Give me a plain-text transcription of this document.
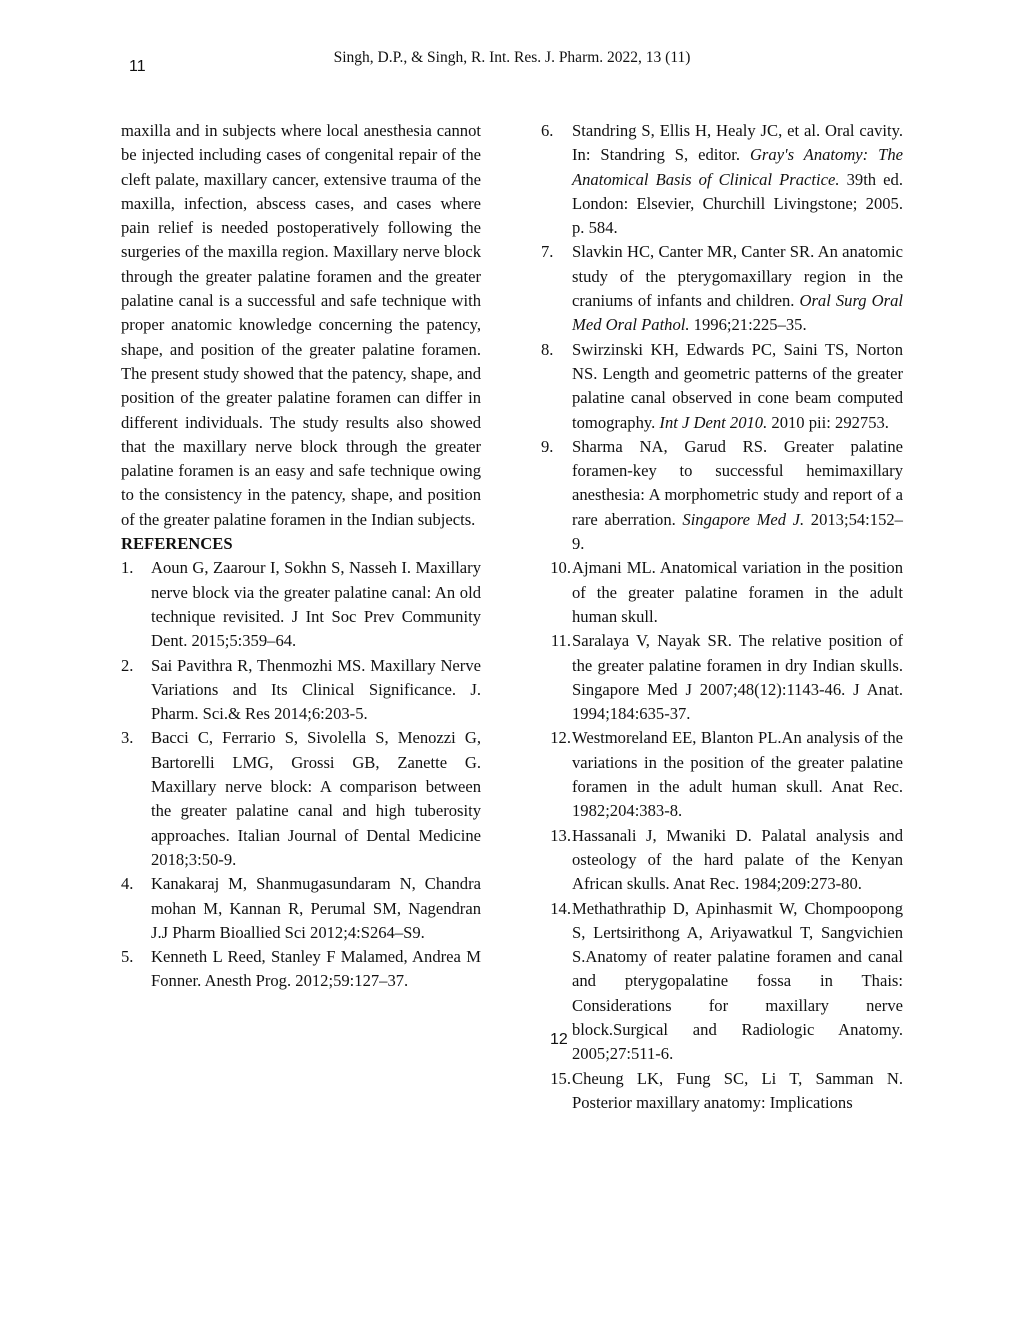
11
Singh, D.P., & Singh, R. Int. Res. J. Pharm. 2022, 13 (11)

maxilla and in subjects where local anesthesia cannot be injected including cases of congenital repair of the cleft palate, maxillary cancer, extensive trauma of the maxilla, infection, abscess cases, and cases where pain relief is needed postoperatively following the surgeries of the maxilla region. Maxillary nerve block through the greater palatine foramen and the greater palatine canal is a successful and safe technique with proper anatomic knowledge concerning the patency, shape, and position of the greater palatine foramen. The present study showed that the patency, shape, and position of the greater palatine foramen can differ in different individuals. The study results also showed that the maxillary nerve block through the greater palatine foramen is an easy and safe technique owing to the consistency in the patency, shape, and position of the greater palatine foramen in the Indian subjects.

REFERENCES
1.	Aoun G, Zaarour I, Sokhn S, Nasseh I. Maxillary nerve block via the greater palatine canal: An old technique revisited. J Int Soc Prev Community Dent. 2015;5:359–64.
2.	Sai Pavithra R, Thenmozhi MS. Maxillary Nerve Variations and Its Clinical Significance. J. Pharm. Sci.& Res 2014;6:203-5.
3.	Bacci C, Ferrario S, Sivolella S, Menozzi G, Bartorelli LMG, Grossi GB, Zanette G. Maxillary nerve block: A comparison between the greater palatine canal and high tuberosity approaches. Italian Journal of Dental Medicine 2018;3:50-9.
4.	Kanakaraj M, Shanmugasundaram N, Chandra mohan M, Kannan R, Perumal SM, Nagendran J.J Pharm Bioallied Sci 2012;4:S264–S9.
5.	Kenneth L Reed, Stanley F Malamed, Andrea M Fonner. Anesth Prog. 2012;59:127–37.
6.	Standring S, Ellis H, Healy JC, et al. Oral cavity. In: Standring S, editor. Gray's Anatomy: The Anatomical Basis of Clinical Practice. 39th ed. London: Elsevier, Churchill Livingstone; 2005. p. 584.
7.	Slavkin HC, Canter MR, Canter SR. An anatomic study of the pterygomaxillary region in the craniums of infants and children. Oral Surg Oral Med Oral Pathol. 1996;21:225–35.
8.	Swirzinski KH, Edwards PC, Saini TS, Norton NS. Length and geometric patterns of the greater palatine canal observed in cone beam computed tomography. Int J Dent 2010. 2010 pii: 292753.
9.	Sharma NA, Garud RS. Greater palatine foramen-key to successful hemimaxillary anesthesia: A morphometric study and report of a rare aberration. Singapore Med J. 2013;54:152–9.
10. Ajmani ML. Anatomical variation in the position of the greater palatine foramen in the adult human skull.
11. Saralaya V, Nayak SR. The relative position of the greater palatine foramen in dry Indian skulls. Singapore Med J 2007;48(12):1143-46. J Anat. 1994;184:635-37.
12. Westmoreland EE, Blanton PL.An analysis of the variations in the position of the greater palatine foramen in the adult human skull. Anat Rec. 1982;204:383-8.
13. Hassanali J, Mwaniki D. Palatal analysis and osteology of the hard palate of the Kenyan African skulls. Anat Rec. 1984;209:273-80.
14. Methathrathip D, Apinhasmit W, Chompoopong S, Lertsirithong A, Ariyawatkul T, Sangvichien S.Anatomy of reater palatine foramen and canal and pterygopalatine fossa in Thais: Considerations for maxillary nerve block.Surgical and Radiologic Anatomy. 2005;27:511-6.
15. Cheung LK, Fung SC, Li T, Samman N. Posterior maxillary anatomy: Implications
12
